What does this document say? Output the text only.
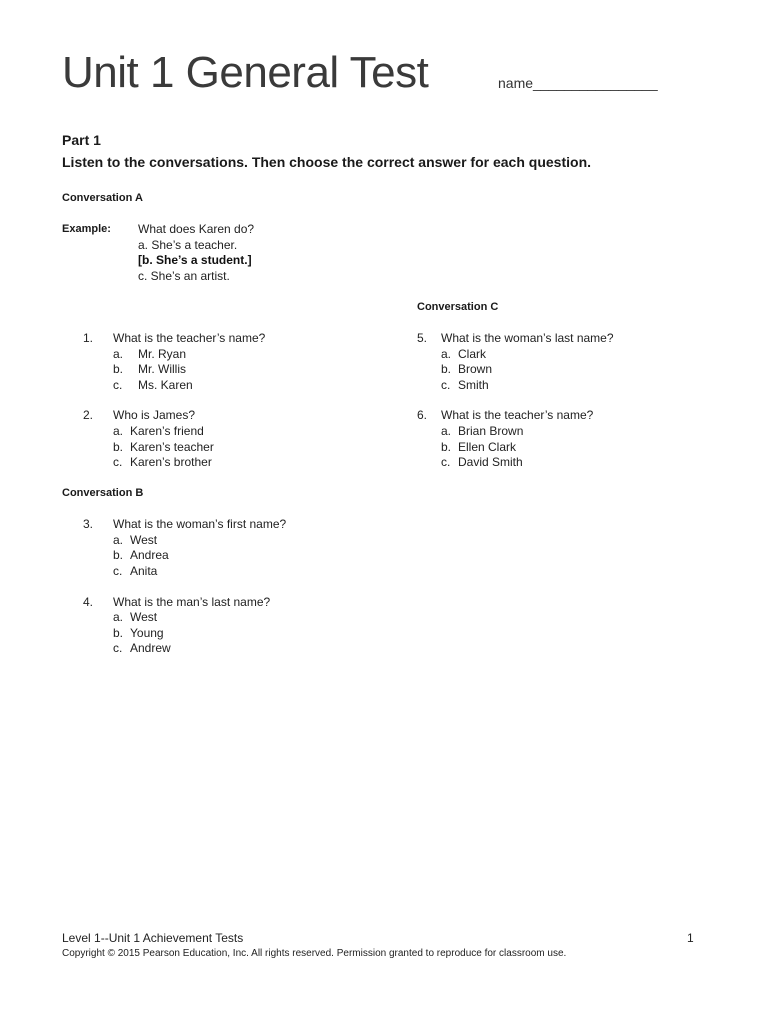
Unit 1 General Test	name________________
Part 1
Listen to the conversations. Then choose the correct answer for each question.
Conversation A
Example: What does Karen do?
a. She’s a teacher.
[b. She’s a student.]
c. She’s an artist.
1. What is the teacher’s name?
a. Mr. Ryan
b. Mr. Willis
c. Ms. Karen
2. Who is James?
a. Karen’s friend
b. Karen’s teacher
c. Karen’s brother
Conversation B
3. What is the woman’s first name?
a. West
b. Andrea
c. Anita
4. What is the man’s last name?
a. West
b. Young
c. Andrew
Conversation C
5. What is the woman’s last name?
a. Clark
b. Brown
c. Smith
6. What is the teacher’s name?
a. Brian Brown
b. Ellen Clark
c. David Smith
Level 1--Unit 1 Achievement Tests
Copyright © 2015 Pearson Education, Inc. All rights reserved. Permission granted to reproduce for classroom use.
1
